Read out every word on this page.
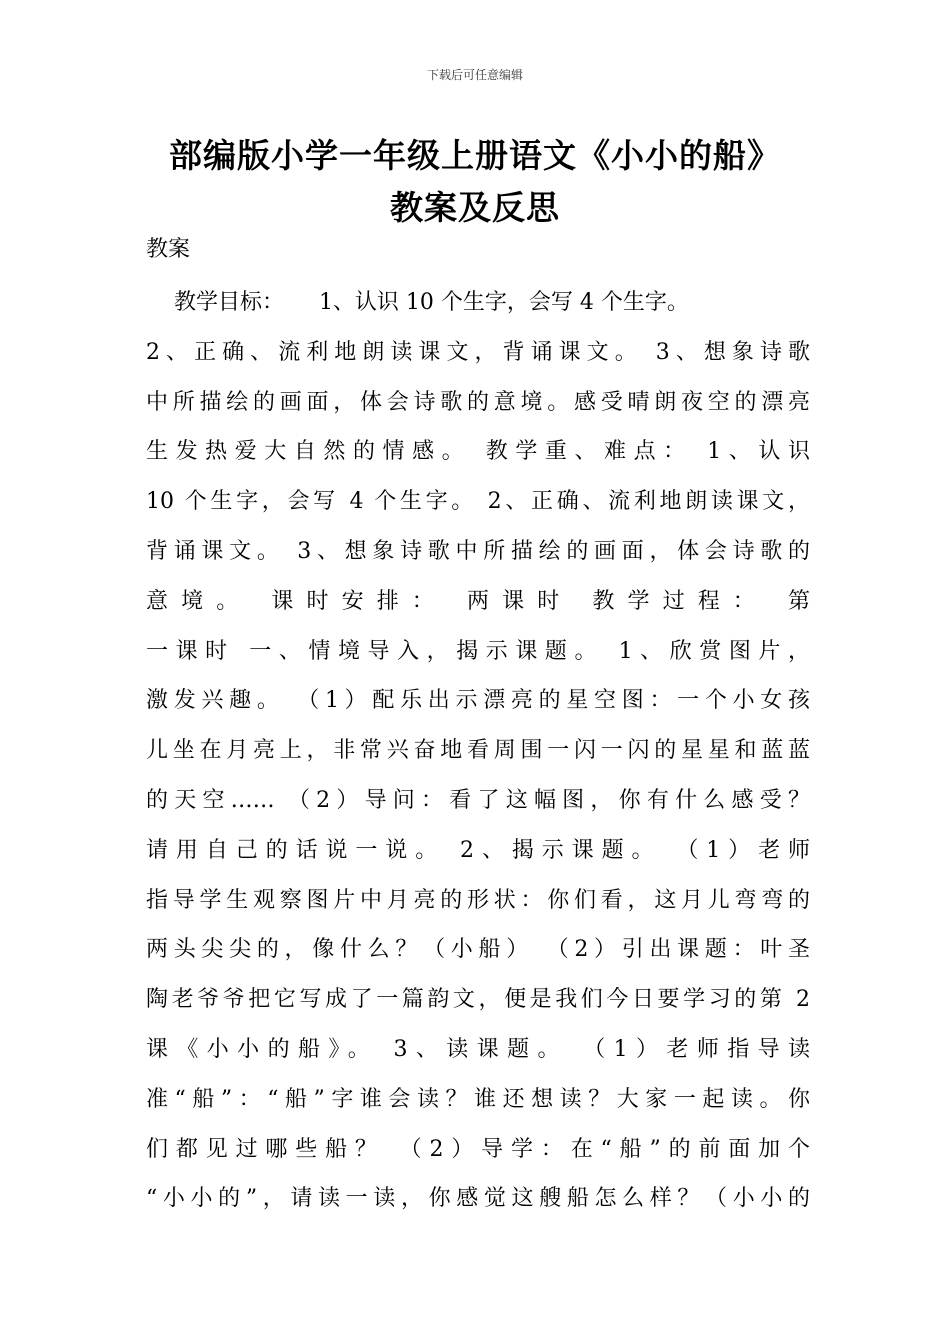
下载后可任意编辑
部编版小学一年级上册语文《小小的船》
教案及反思
教案
教学目标：     1、认识 10 个生字，会写 4 个生字。
2、正确、流利地朗读课文，背诵课文。 3、想象诗歌
中所描绘的画面，体会诗歌的意境。感受晴朗夜空的漂亮
生发热爱大自然的情感。 教学重、难点： 1、认识
10 个生字，会写 4 个生字。 2、正确、流利地朗读课文，
背诵课文。 3、想象诗歌中所描绘的画面，体会诗歌的
意境。 课时安排： 两课时 教学过程： 第
一课时 一、情境导入，揭示课题。 1、欣赏图片，
激发兴趣。 （1）配乐出示漂亮的星空图：一个小女孩
儿坐在月亮上，非常兴奋地看周围一闪一闪的星星和蓝蓝
的天空…… （2）导问：看了这幅图，你有什么感受？
请用自己的话说一说。 2、揭示课题。 （1）老师
指导学生观察图片中月亮的形状：你们看，这月儿弯弯的
两头尖尖的，像什么？（小船） （2）引出课题：叶圣
陶老爷爷把它写成了一篇韵文，便是我们今日要学习的第 2
课《小小的船》。 3、读课题。 （1）老师指导读
准“船”：“船”字谁会读？谁还想读？大家一起读。你
们都见过哪些船？ （2）导学：在“船”的前面加个
“小小的”，请读一读，你感觉这艘船怎么样？（小小的
